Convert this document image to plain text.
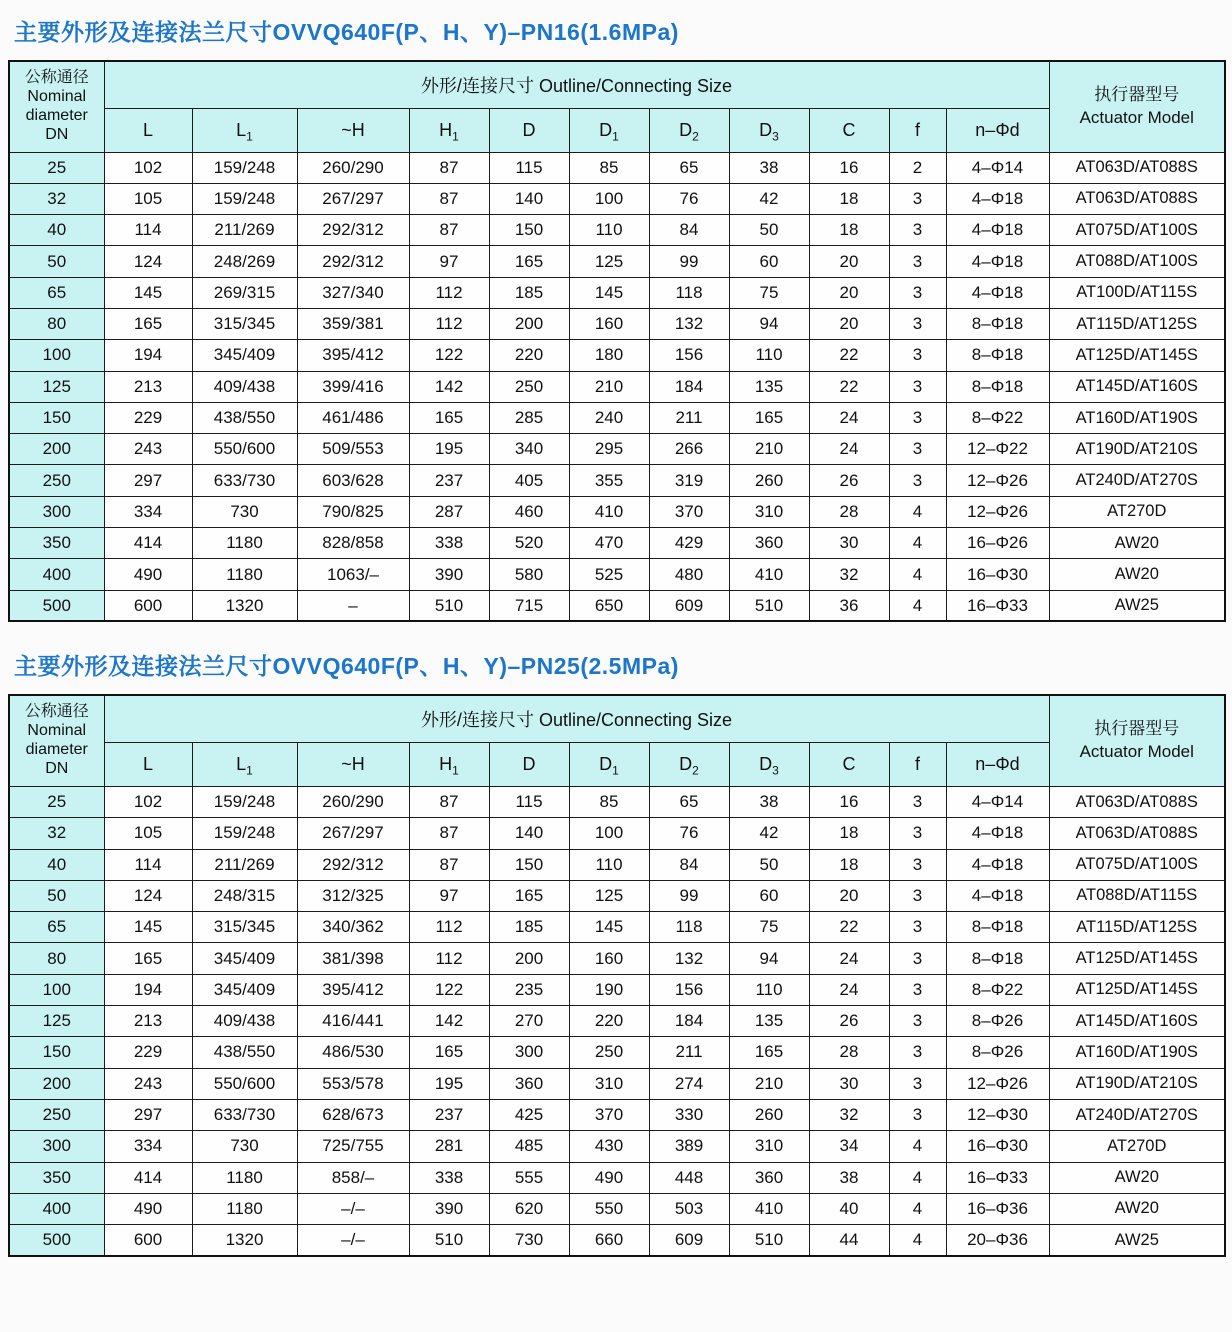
主要外形及连接法兰尺寸OVVQ640F(P、H、Y)–PN16(1.6MPa)
公称通径
Nominal
diameter
DN	外形/连接尺寸 Outline/Connecting Size											执行器型号
Actuator Model
	L	$L_1$	~H	$H_1$	D	$D_1$	$D_2$	$D_3$	C	f	n–Φd	
25	102	159/248	260/290	87	115	85	65	38	16	2	4–Φ14	AT063D/AT088S
32	105	159/248	267/297	87	140	100	76	42	18	3	4–Φ18	AT063D/AT088S
40	114	211/269	292/312	87	150	110	84	50	18	3	4–Φ18	AT075D/AT100S
50	124	248/269	292/312	97	165	125	99	60	20	3	4–Φ18	AT088D/AT100S
65	145	269/315	327/340	112	185	145	118	75	20	3	4–Φ18	AT100D/AT115S
80	165	315/345	359/381	112	200	160	132	94	20	3	8–Φ18	AT115D/AT125S
100	194	345/409	395/412	122	220	180	156	110	22	3	8–Φ18	AT125D/AT145S
125	213	409/438	399/416	142	250	210	184	135	22	3	8–Φ18	AT145D/AT160S
150	229	438/550	461/486	165	285	240	211	165	24	3	8–Φ22	AT160D/AT190S
200	243	550/600	509/553	195	340	295	266	210	24	3	12–Φ22	AT190D/AT210S
250	297	633/730	603/628	237	405	355	319	260	26	3	12–Φ26	AT240D/AT270S
300	334	730	790/825	287	460	410	370	310	28	4	12–Φ26	AT270D
350	414	1180	828/858	338	520	470	429	360	30	4	16–Φ26	AW20
400	490	1180	1063/–	390	580	525	480	410	32	4	16–Φ30	AW20
500	600	1320	–	510	715	650	609	510	36	4	16–Φ33	AW25
主要外形及连接法兰尺寸OVVQ640F(P、H、Y)–PN25(2.5MPa)
公称通径
Nominal
diameter
DN	外形/连接尺寸 Outline/Connecting Size											执行器型号
Actuator Model
	L	$L_1$	~H	$H_1$	D	$D_1$	$D_2$	$D_3$	C	f	n–Φd	
25	102	159/248	260/290	87	115	85	65	38	16	3	4–Φ14	AT063D/AT088S
32	105	159/248	267/297	87	140	100	76	42	18	3	4–Φ18	AT063D/AT088S
40	114	211/269	292/312	87	150	110	84	50	18	3	4–Φ18	AT075D/AT100S
50	124	248/315	312/325	97	165	125	99	60	20	3	4–Φ18	AT088D/AT115S
65	145	315/345	340/362	112	185	145	118	75	22	3	8–Φ18	AT115D/AT125S
80	165	345/409	381/398	112	200	160	132	94	24	3	8–Φ18	AT125D/AT145S
100	194	345/409	395/412	122	235	190	156	110	24	3	8–Φ22	AT125D/AT145S
125	213	409/438	416/441	142	270	220	184	135	26	3	8–Φ26	AT145D/AT160S
150	229	438/550	486/530	165	300	250	211	165	28	3	8–Φ26	AT160D/AT190S
200	243	550/600	553/578	195	360	310	274	210	30	3	12–Φ26	AT190D/AT210S
250	297	633/730	628/673	237	425	370	330	260	32	3	12–Φ30	AT240D/AT270S
300	334	730	725/755	281	485	430	389	310	34	4	16–Φ30	AT270D
350	414	1180	858/–	338	555	490	448	360	38	4	16–Φ33	AW20
400	490	1180	–/–	390	620	550	503	410	40	4	16–Φ36	AW20
500	600	1320	–/–	510	730	660	609	510	44	4	20–Φ36	AW25
